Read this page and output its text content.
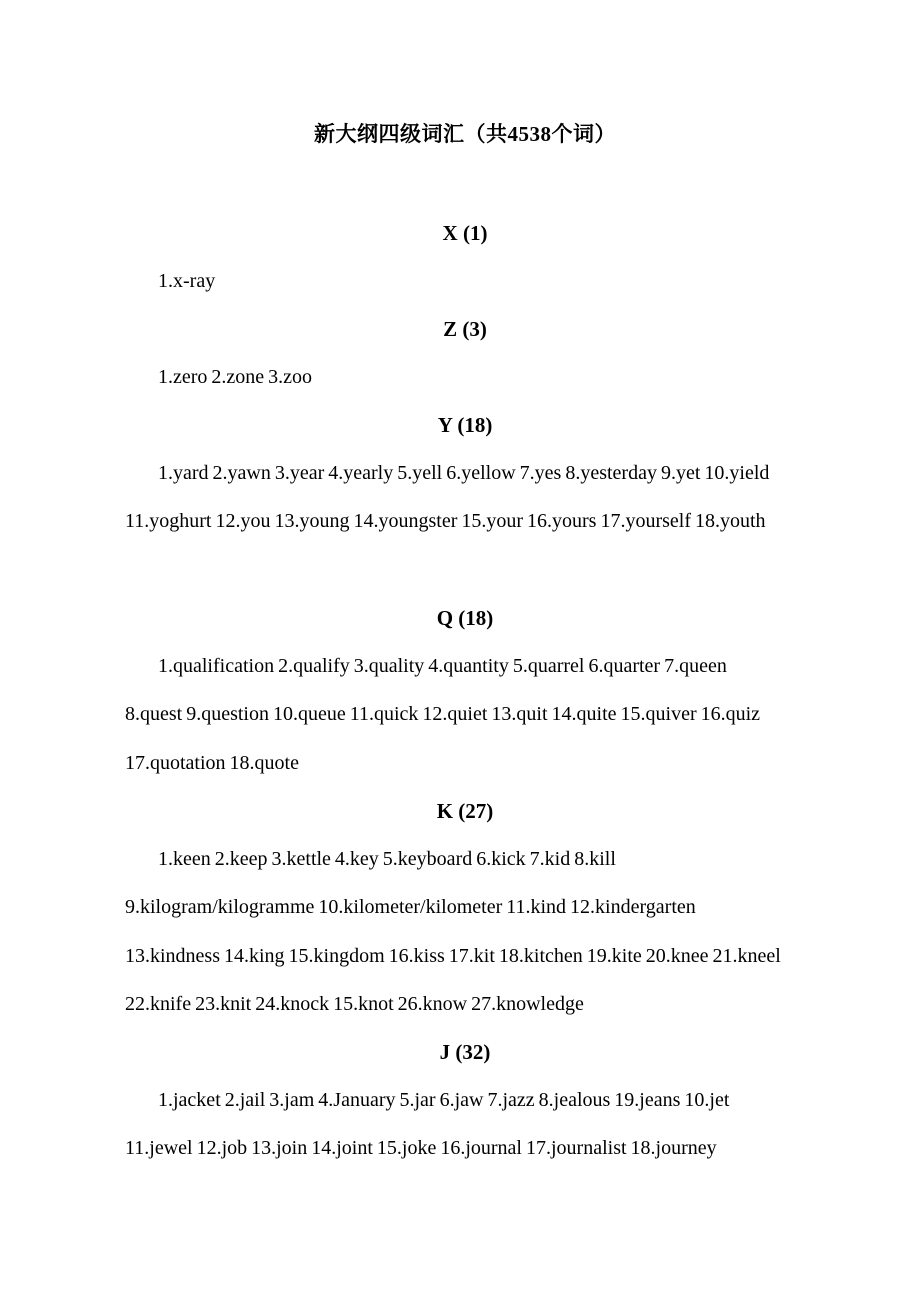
新大纲四级词汇（共4538个词）
X (1)
1.x-ray
Z (3)
1.zero 2.zone 3.zoo
Y (18)
1.yard 2.yawn 3.year 4.yearly 5.yell 6.yellow 7.yes 8.yesterday 9.yet 10.yield 11.yoghurt 12.you 13.young 14.youngster 15.your 16.yours 17.yourself 18.youth
Q (18)
1.qualification 2.qualify 3.quality 4.quantity 5.quarrel 6.quarter 7.queen 8.quest 9.question 10.queue 11.quick 12.quiet 13.quit 14.quite 15.quiver 16.quiz 17.quotation 18.quote
K (27)
1.keen 2.keep 3.kettle 4.key 5.keyboard 6.kick 7.kid 8.kill 9.kilogram/kilogramme 10.kilometer/kilometer 11.kind 12.kindergarten 13.kindness 14.king 15.kingdom 16.kiss 17.kit 18.kitchen 19.kite 20.knee 21.kneel 22.knife 23.knit 24.knock 15.knot 26.know 27.knowledge
J (32)
1.jacket 2.jail 3.jam 4.January 5.jar 6.jaw 7.jazz 8.jealous 19.jeans 10.jet 11.jewel 12.job 13.join 14.joint 15.joke 16.journal 17.journalist 18.journey
